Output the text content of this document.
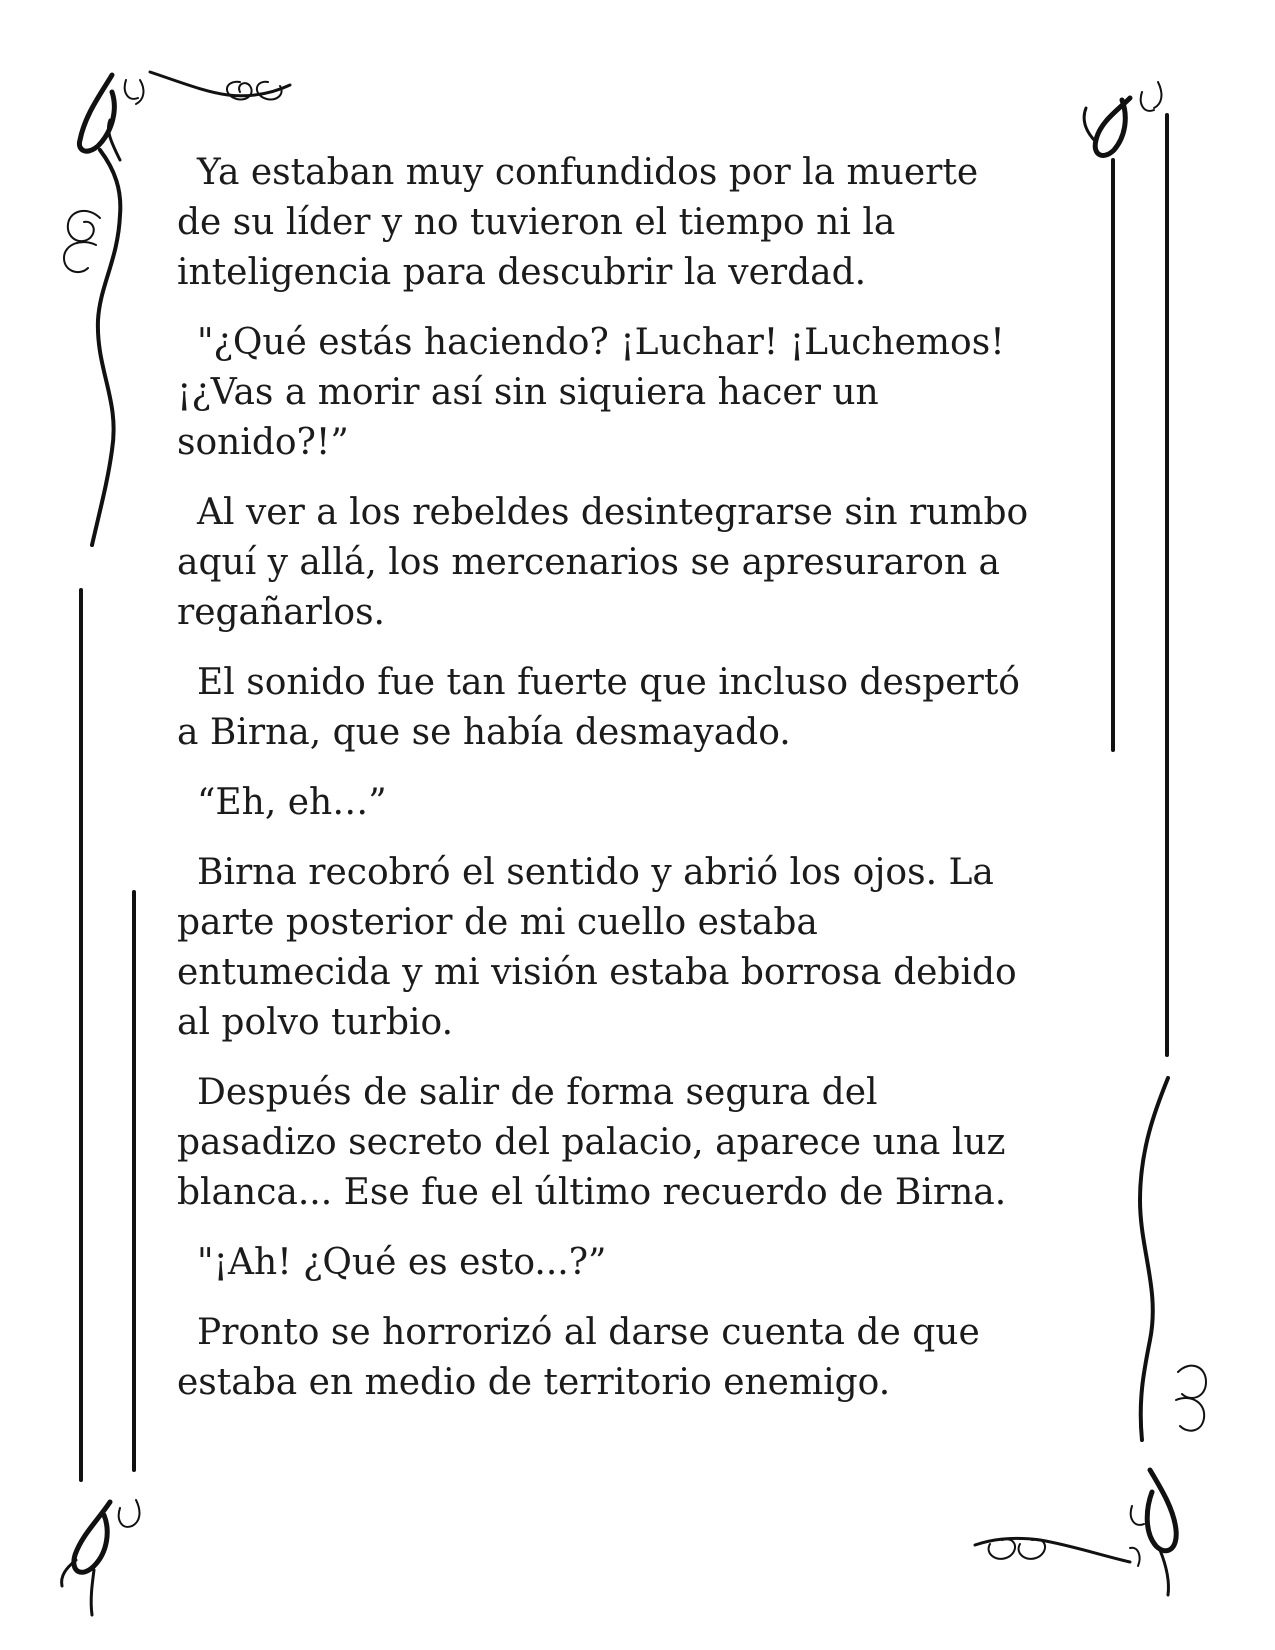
Ya estaban muy confundidos por la muerte
de su líder y no tuvieron el tiempo ni la
inteligencia para descubrir la verdad.

"¿Qué estás haciendo? ¡Luchar! ¡Luchemos!
¡¿Vas a morir así sin siquiera hacer un
sonido?!”

Al ver a los rebeldes desintegrarse sin rumbo
aquí y allá, los mercenarios se apresuraron a
regañarlos.

El sonido fue tan fuerte que incluso despertó
a Birna, que se había desmayado.

“Eh, eh…”

Birna recobró el sentido y abrió los ojos. La
parte posterior de mi cuello estaba
entumecida y mi visión estaba borrosa debido
al polvo turbio.

Después de salir de forma segura del
pasadizo secreto del palacio, aparece una luz
blanca... Ese fue el último recuerdo de Birna.

"¡Ah! ¿Qué es esto...?”

Pronto se horrorizó al darse cuenta de que
estaba en medio de territorio enemigo.
